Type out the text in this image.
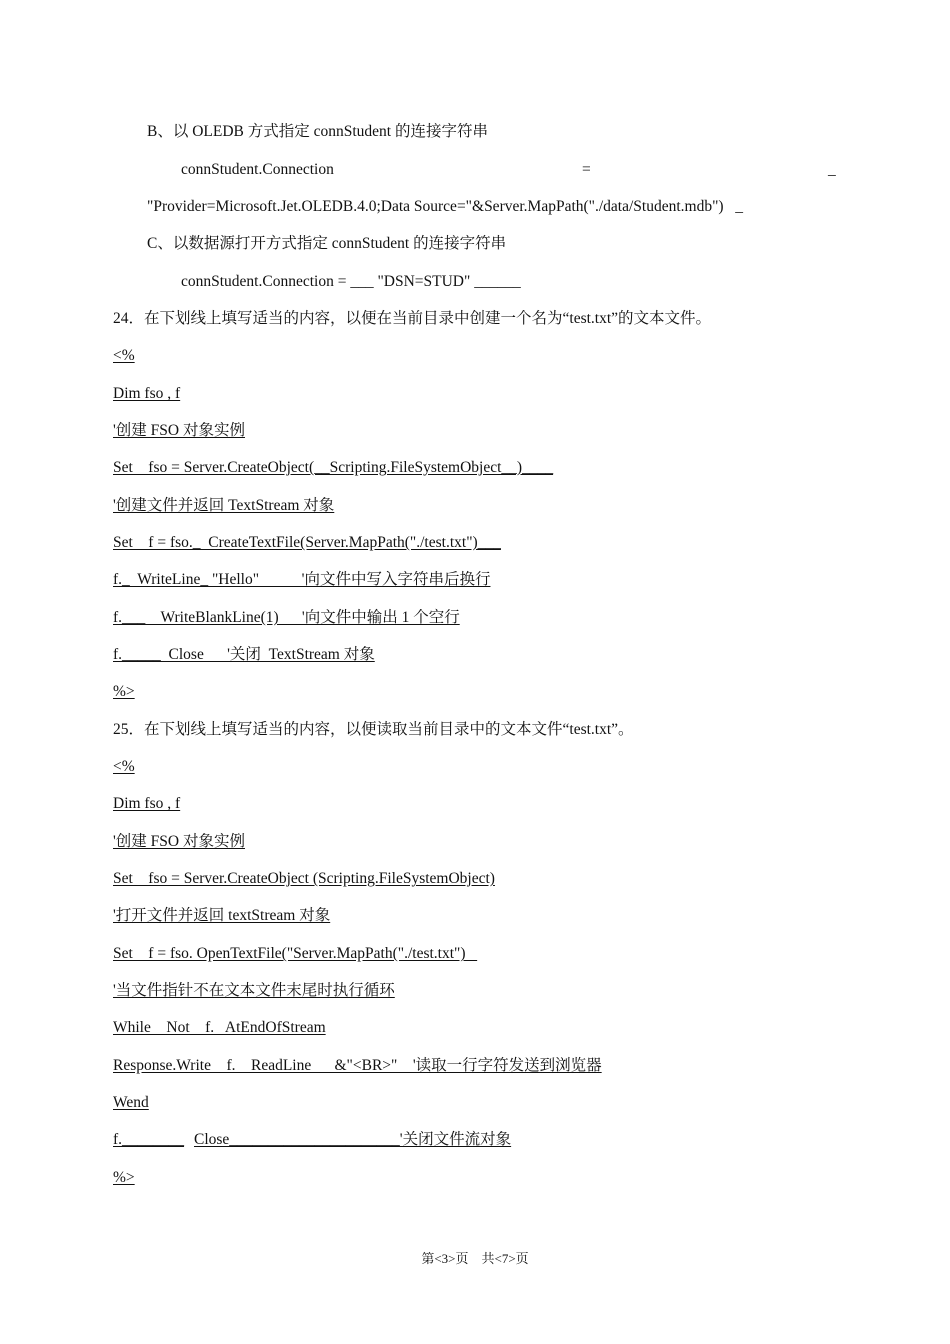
B、以 OLEDB 方式指定 connStudent 的连接字符串
connStudent.Connection	=	_
"Provider=Microsoft.Jet.OLEDB.4.0;Data Source="&Server.MapPath("./data/Student.mdb")   _
C、以数据源打开方式指定 connStudent 的连接字符串
connStudent.Connection = ___ "DSN=STUD" ______
24．在下划线上填写适当的内容，以便在当前目录中创建一个名为“test.txt”的文本文件。
<%
Dim fso , f
'创建 FSO 对象实例
Set    fso = Server.CreateObject(__Scripting.FileSystemObject__)____
'创建文件并返回 TextStream 对象
Set    f = fso._  CreateTextFile(Server.MapPath("./test.txt")___
f._  WriteLine_ "Hello"           '向文件中写入字符串后换行
f.___    WriteBlankLine(1)      '向文件中输出 1 个空行
f._____  Close      '关闭  TextStream 对象
%>
25．在下划线上填写适当的内容，以便读取当前目录中的文本文件“test.txt”。
<%
Dim fso , f
'创建 FSO 对象实例
Set    fso = Server.CreateObject (Scripting.FileSystemObject)
'打开文件并返回 textStream 对象
Set    f = fso. OpenTextFile("Server.MapPath("./test.txt")
'当文件指针不在文本文件末尾时执行循环
While    Not    f.   AtEndOfStream
Response.Write    f.    ReadLine      &"<BR>"    '读取一行字符发送到浏览器
Wend
f.________ Close______________________'关闭文件流对象
%>
第<3>页    共<7>页
